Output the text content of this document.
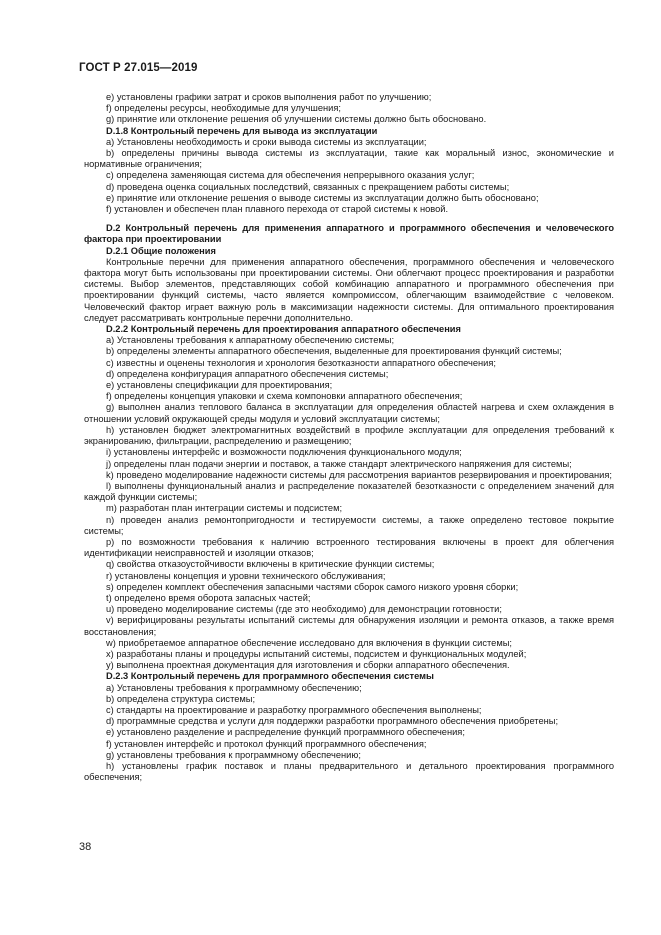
ГОСТ Р 27.015—2019

e) установлены графики затрат и сроков выполнения работ по улучшению;

f) определены ресурсы, необходимые для улучшения;

g) принятие или отклонение решения об улучшении системы должно быть обосновано.

D.1.8 Контрольный перечень для вывода из эксплуатации

a) Установлены необходимость и сроки вывода системы из эксплуатации;

b) определены причины вывода системы из эксплуатации, такие как моральный износ, экономические и нормативные ограничения;

c) определена заменяющая система для обеспечения непрерывного оказания услуг;

d) проведена оценка социальных последствий, связанных с прекращением работы системы;

e) принятие или отклонение решения о выводе системы из эксплуатации должно быть обосновано;

f) установлен и обеспечен план плавного перехода от старой системы к новой.

D.2 Контрольный перечень для применения аппаратного и программного обеспечения и человеческого фактора при проектировании

D.2.1 Общие положения

Контрольные перечни для применения аппаратного обеспечения, программного обеспечения и человеческого фактора могут быть использованы при проектировании системы. Они облегчают процесс проектирования и разработки системы. Выбор элементов, представляющих собой комбинацию аппаратного и программного обеспечения при проектировании функций системы, часто является компромиссом, облегчающим взаимодействие с человеком. Человеческий фактор играет важную роль в максимизации надежности системы. Для оптимального проектирования следует рассматривать контрольные перечни дополнительно.

D.2.2 Контрольный перечень для проектирования аппаратного обеспечения

a) Установлены требования к аппаратному обеспечению системы;

b) определены элементы аппаратного обеспечения, выделенные для проектирования функций системы;

c) известны и оценены технология и хронология безотказности аппаратного обеспечения;

d) определена конфигурация аппаратного обеспечения системы;

e) установлены спецификации для проектирования;

f) определены концепция упаковки и схема компоновки аппаратного обеспечения;

g) выполнен анализ теплового баланса в эксплуатации для определения областей нагрева и схем охлаждения в отношении условий окружающей среды модуля и условий эксплуатации системы;

h) установлен бюджет электромагнитных воздействий в профиле эксплуатации для определения требований к экранированию, фильтрации, распределению и размещению;

i) установлены интерфейс и возможности подключения функционального модуля;

j) определены план подачи энергии и поставок, а также стандарт электрического напряжения для системы;

k) проведено моделирование надежности системы для рассмотрения вариантов резервирования и проектирования;

l) выполнены функциональный анализ и распределение показателей безотказности с определением значений для каждой функции системы;

m) разработан план интеграции системы и подсистем;

n) проведен анализ ремонтопригодности и тестируемости системы, а также определено тестовое покрытие системы;

p) по возможности требования к наличию встроенного тестирования включены в проект для облегчения идентификации неисправностей и изоляции отказов;

q) свойства отказоустойчивости включены в критические функции системы;

r) установлены концепция и уровни технического обслуживания;

s) определен комплект обеспечения запасными частями сборок самого низкого уровня сборки;

t) определено время оборота запасных частей;

u) проведено моделирование системы (где это необходимо) для демонстрации готовности;

v) верифицированы результаты испытаний системы для обнаружения изоляции и ремонта отказов, а также время восстановления;

w) приобретаемое аппаратное обеспечение исследовано для включения в функции системы;

x) разработаны планы и процедуры испытаний системы, подсистем и функциональных модулей;

y) выполнена проектная документация для изготовления и сборки аппаратного обеспечения.

D.2.3 Контрольный перечень для программного обеспечения системы

a) Установлены требования к программному обеспечению;

b) определена структура системы;

c) стандарты на проектирование и разработку программного обеспечения выполнены;

d) программные средства и услуги для поддержки разработки программного обеспечения приобретены;

e) установлено разделение и распределение функций программного обеспечения;

f) установлен интерфейс и протокол функций программного обеспечения;

g) установлены требования к программному обеспечению;

h) установлены график поставок и планы предварительного и детального проектирования программного обеспечения;

38
